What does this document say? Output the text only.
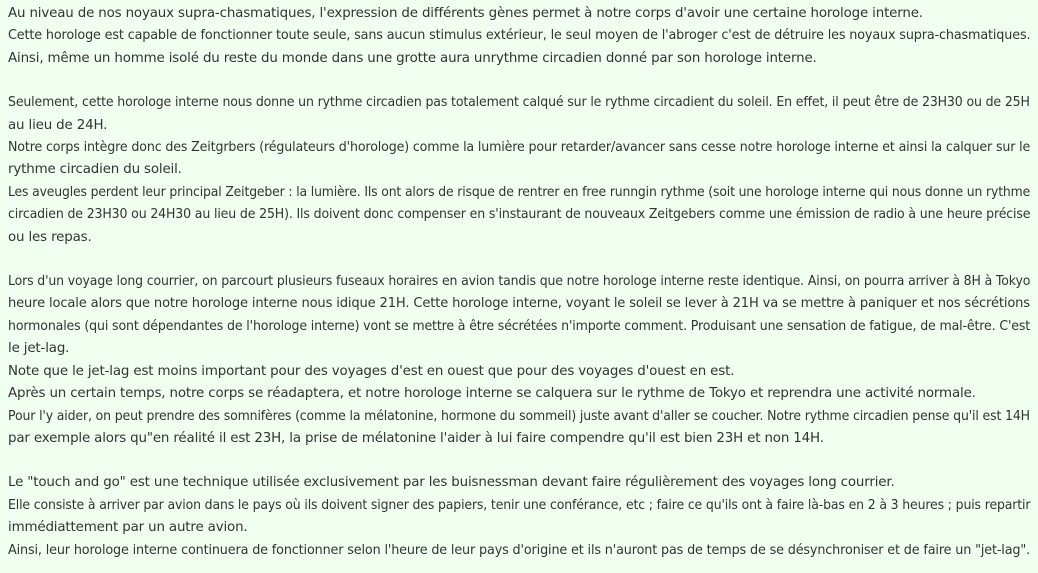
Au niveau de nos noyaux supra-chasmatiques, l'expression de différents gènes permet à notre corps d'avoir une certaine horologe interne.
Cette horologe est capable de fonctionner toute seule, sans aucun stimulus extérieur, le seul moyen de l'abroger c'est de détruire les noyaux supra-chasmatiques.
Ainsi, même un homme isolé du reste du monde dans une grotte aura unrythme circadien donné par son horologe interne.
Seulement, cette horologe interne nous donne un rythme circadien pas totalement calqué sur le rythme circadient du soleil. En effet, il peut être de 23H30 ou de 25H
au lieu de 24H.
Notre corps intègre donc des Zeitgrbers (régulateurs d'horologe) comme la lumière pour retarder/avancer sans cesse notre horologe interne et ainsi la calquer sur le
rythme circadien du soleil.
Les aveugles perdent leur principal Zeitgeber : la lumière. Ils ont alors de risque de rentrer en free runngin rythme (soit une horologe interne qui nous donne un rythme
circadien de 23H30 ou 24H30 au lieu de 25H). Ils doivent donc compenser en s'instaurant de nouveaux Zeitgebers comme une émission de radio à une heure précise
ou les repas.
Lors d'un voyage long courrier, on parcourt plusieurs fuseaux horaires en avion tandis que notre horologe interne reste identique. Ainsi, on pourra arriver à 8H à Tokyo
heure locale alors que notre horologe interne nous idique 21H. Cette horologe interne, voyant le soleil se lever à 21H va se mettre à paniquer et nos sécrétions
hormonales (qui sont dépendantes de l'horologe interne) vont se mettre à être sécrétées n'importe comment. Produisant une sensation de fatigue, de mal-être. C'est
le jet-lag.
Note que le jet-lag est moins important pour des voyages d'est en ouest que pour des voyages d'ouest en est.
Après un certain temps, notre corps se réadaptera, et notre horologe interne se calquera sur le rythme de Tokyo et reprendra une activité normale.
Pour l'y aider, on peut prendre des somnifères (comme la mélatonine, hormone du sommeil) juste avant d'aller se coucher. Notre rythme circadien pense qu'il est 14H
par exemple alors qu"en réalité il est 23H, la prise de mélatonine l'aider à lui faire compendre qu'il est bien 23H et non 14H.
Le "touch and go" est une technique utilisée exclusivement par les buisnessman devant faire régulièrement des voyages long courrier.
Elle consiste à arriver par avion dans le pays où ils doivent signer des papiers, tenir une conférance, etc ; faire ce qu'ils ont à faire là-bas en 2 à 3 heures ; puis repartir
immédiattement par un autre avion.
Ainsi, leur horologe interne continuera de fonctionner selon l'heure de leur pays d'origine et ils n'auront pas de temps de se désynchroniser et de faire un "jet-lag".
